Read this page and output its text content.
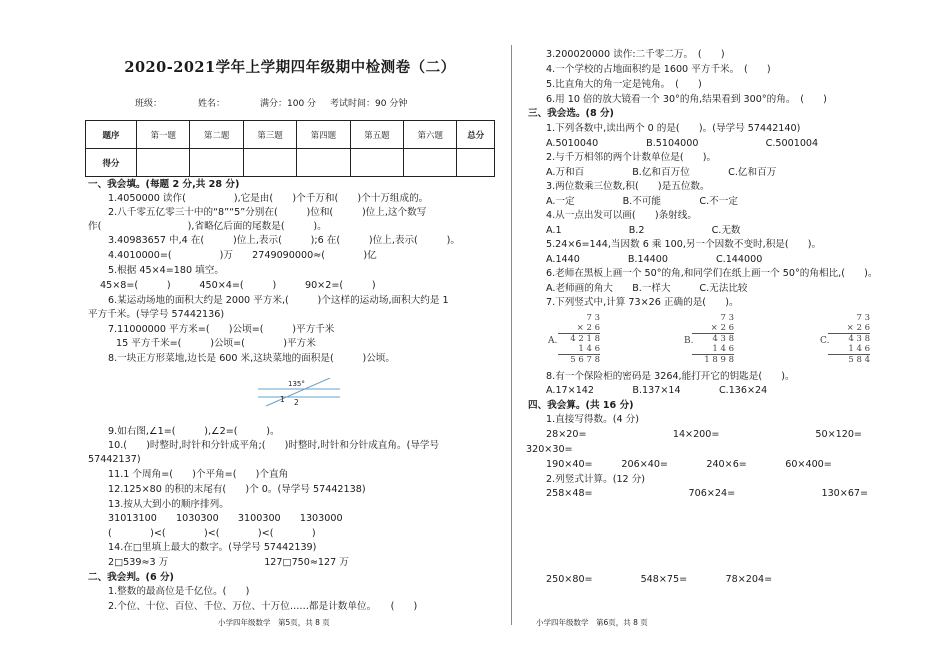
2020-2021学年上学期四年级期中检测卷（二）
班级：	姓名：	满分：100 分 考试时间：90 分钟
题序	第一题	第二题	第三题	第四题	第五题	第六题	总分
得分							
一、我会填。(每题 2 分,共 28 分)
1.4050000 读作(　　　　　),它是由(　　)个千万和(　　)个十万组成的。
2.八千零五亿零三十中的“8”“5”分别在(　　　)位和(　　　)位上,这个数写
作(　　　　　　　　　),省略亿后面的尾数是(　　　)。
3.40983657 中,4 在(　　　)位上,表示(　　　);6 在(　　　)位上,表示(　　　)。
4.4010000=(　　　　　)万　　2749090000≈(　　　　)亿
5.根据 45×4=180 填空。
45×8=(　　　)　　　450×4=(　　　)　　　90×2=(　　　)
6.某运动场地的面积大约是 2000 平方米,(　　　)个这样的运动场,面积大约是 1
平方千米。(导学号 57442136)
7.11000000 平方米=(　　)公顷=(　　　)平方千米
15 平方千米=(　　　)公顷=(　　　　)平方米
8.一块正方形菜地,边长是 600 米,这块菜地的面积是(　　　)公顷。
135°
1 2
9.如右图,∠1=(　　　),∠2=(　　　)。
10.(　　)时整时,时针和分针成平角;(　　)时整时,时针和分针成直角。(导学号
57442137)
11.1 个周角=(　　)个平角=(　　)个直角
12.125×80 的积的末尾有(　　)个 0。(导学号 57442138)
13.按从大到小的顺序排列。
31013100　　1030300　　3100300　　1303000
(　　　　)<(　　　　)<(　　　　)<(　　　　)
14.在□里填上最大的数字。(导学号 57442139)
2□539≈3 万　　　　　　　　　　127□750≈127 万
二、我会判。(6 分)
1.整数的最高位是千亿位。(　　)
2.个位、十位、百位、千位、万位、十万位……都是计数单位。　　(　　)
小学四年级数学　第5页，共 8 页
3.200020000 读作:二千零二万。　(　　)
4.一个学校的占地面积约是 1600 平方千米。　(　　)
5.比直角大的角一定是钝角。　(　　)
6.用 10 倍的放大镜看一个 30°的角,结果看到 300°的角。　(　　)
三、我会选。(8 分)
1.下列各数中,读出两个 0 的是(　　)。(导学号 57442140)
A.5010040　　　　　B.5104000　　　　　　　C.5001004
2.与千万相邻的两个计数单位是(　　)。
A.万和百　　　　　B.亿和百万位　　　　C.亿和百万
3.两位数乘三位数,积(　　)是五位数。
A.一定　　　　　B.不可能　　　　C.不一定
4.从一点出发可以画(　　)条射线。
A.1　　　　　　　B.2　　　　　　　C.无数
5.24×6=144,当因数 6 乘 100,另一个因数不变时,积是(　　)。
A.1440　　　　　B.14400　　　　　C.144000
6.老师在黑板上画一个 50°的角,和同学们在纸上画一个 50°的角相比,(　　)。
A.老师画的角大　　B.一样大　　　C.无法比较
7.下列竖式中,计算 73×26 正确的是(　　)。
A.
7 3
× 2 6
4 2 1 8
1 4 6
5 6 7 8
B.
7 3
× 2 6
4 3 8
1 4 6
1 8 9 8
C.
7 3
× 2 6
4 3 8
1 4 6
5 8 4
8.有一个保险柜的密码是 3264,能打开它的钥匙是(　　)。
A.17×142　　　　B.137×14　　　　C.136×24
四、我会算。(共 16 分)
1.直接写得数。(4 分)
28×20=　　　　　　　　　14×200=　　　　　　　　　　50×120=
320×30=
190×40=　　　206×40=　　　　240×6=　　　　60×400=
2.列竖式计算。(12 分)
258×48=　　　　　　　　　　706×24=　　　　　　　　　130×67=
250×80=　　　　　548×75=　　　　78×204=
小学四年级数学　第6页，共 8 页
